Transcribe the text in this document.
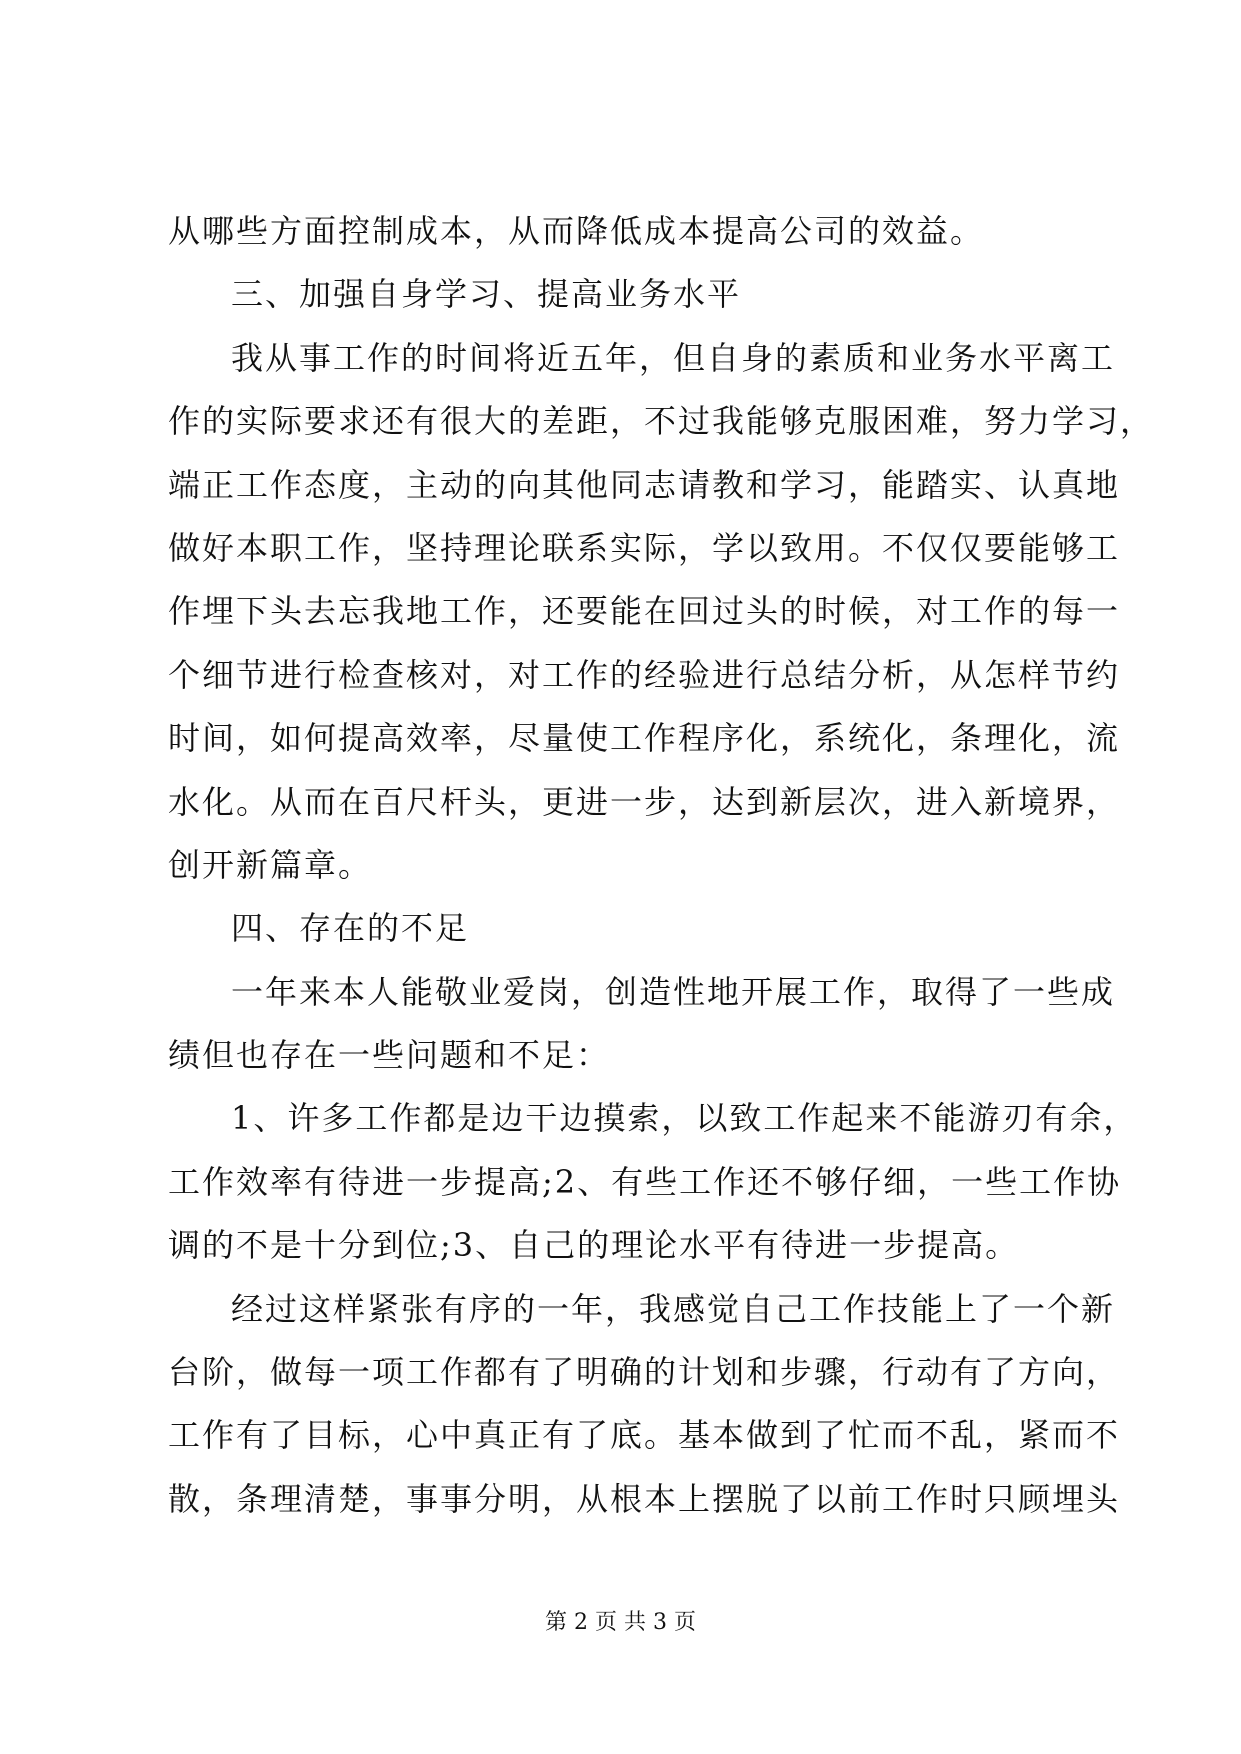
从哪些方面控制成本，从而降低成本提高公司的效益。
三、加强自身学习、提高业务水平
我从事工作的时间将近五年，但自身的素质和业务水平离工
作的实际要求还有很大的差距，不过我能够克服困难，努力学习，
端正工作态度，主动的向其他同志请教和学习，能踏实、认真地
做好本职工作，坚持理论联系实际，学以致用。不仅仅要能够工
作埋下头去忘我地工作，还要能在回过头的时候，对工作的每一
个细节进行检查核对，对工作的经验进行总结分析，从怎样节约
时间，如何提高效率，尽量使工作程序化，系统化，条理化，流
水化。从而在百尺杆头，更进一步，达到新层次，进入新境界，
创开新篇章。
四、存在的不足
一年来本人能敬业爱岗，创造性地开展工作，取得了一些成
绩但也存在一些问题和不足：
1、许多工作都是边干边摸索，以致工作起来不能游刃有余，
工作效率有待进一步提高;2、有些工作还不够仔细，一些工作协
调的不是十分到位;3、自己的理论水平有待进一步提高。
经过这样紧张有序的一年，我感觉自己工作技能上了一个新
台阶，做每一项工作都有了明确的计划和步骤，行动有了方向，
工作有了目标，心中真正有了底。基本做到了忙而不乱，紧而不
散，条理清楚，事事分明，从根本上摆脱了以前工作时只顾埋头
第 2 页 共 3 页
